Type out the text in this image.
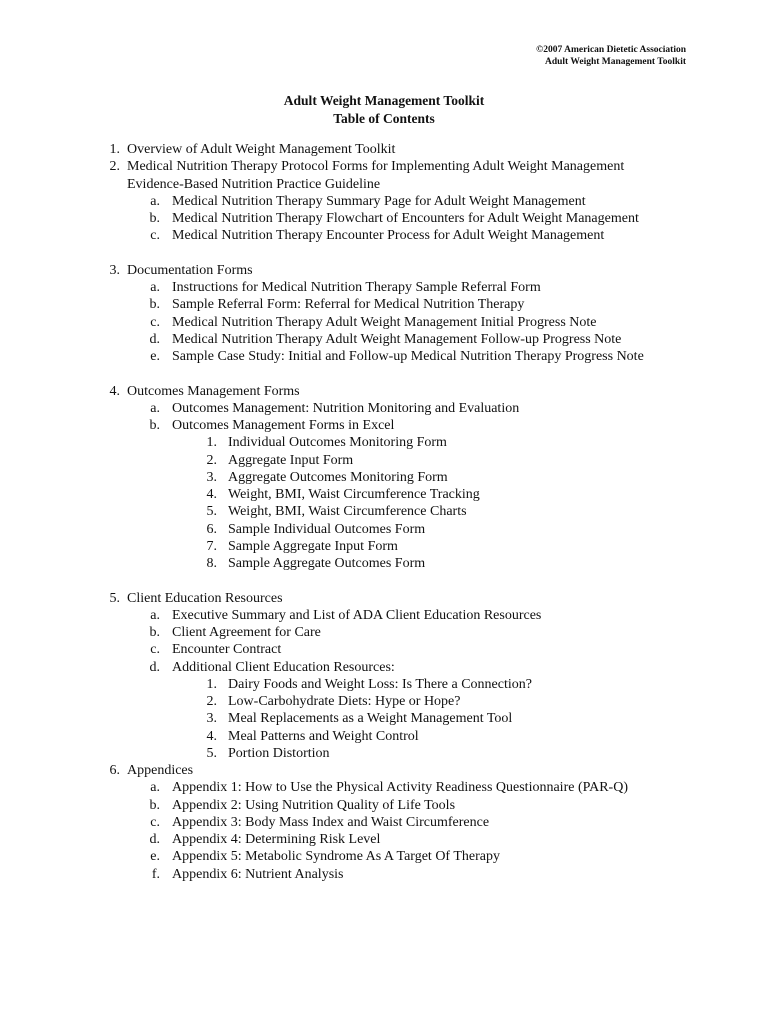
©2007 American Dietetic Association
Adult Weight Management Toolkit
Adult Weight Management Toolkit
Table of Contents
1. Overview of Adult Weight Management Toolkit
2. Medical Nutrition Therapy Protocol Forms for Implementing Adult Weight Management
Evidence-Based Nutrition Practice Guideline
a. Medical Nutrition Therapy Summary Page for Adult Weight Management
b. Medical Nutrition Therapy Flowchart of Encounters for Adult Weight Management
c. Medical Nutrition Therapy Encounter Process for Adult Weight Management
3. Documentation Forms
a. Instructions for Medical Nutrition Therapy Sample Referral Form
b. Sample Referral Form: Referral for Medical Nutrition Therapy
c. Medical Nutrition Therapy Adult Weight Management Initial Progress Note
d. Medical Nutrition Therapy Adult Weight Management Follow-up Progress Note
e. Sample Case Study: Initial and Follow-up Medical Nutrition Therapy Progress Note
4. Outcomes Management Forms
a. Outcomes Management: Nutrition Monitoring and Evaluation
b. Outcomes Management Forms in Excel
1. Individual Outcomes Monitoring Form
2. Aggregate Input Form
3. Aggregate Outcomes Monitoring Form
4. Weight, BMI, Waist Circumference Tracking
5. Weight, BMI, Waist Circumference Charts
6. Sample Individual Outcomes Form
7. Sample Aggregate Input Form
8. Sample Aggregate Outcomes Form
5. Client Education Resources
a. Executive Summary and List of ADA Client Education Resources
b. Client Agreement for Care
c. Encounter Contract
d. Additional Client Education Resources:
1. Dairy Foods and Weight Loss: Is There a Connection?
2. Low-Carbohydrate Diets: Hype or Hope?
3. Meal Replacements as a Weight Management Tool
4. Meal Patterns and Weight Control
5. Portion Distortion
6. Appendices
a. Appendix 1: How to Use the Physical Activity Readiness Questionnaire (PAR-Q)
b. Appendix 2: Using Nutrition Quality of Life Tools
c. Appendix 3: Body Mass Index and Waist Circumference
d. Appendix 4: Determining Risk Level
e. Appendix 5: Metabolic Syndrome As A Target Of Therapy
f. Appendix 6: Nutrient Analysis
